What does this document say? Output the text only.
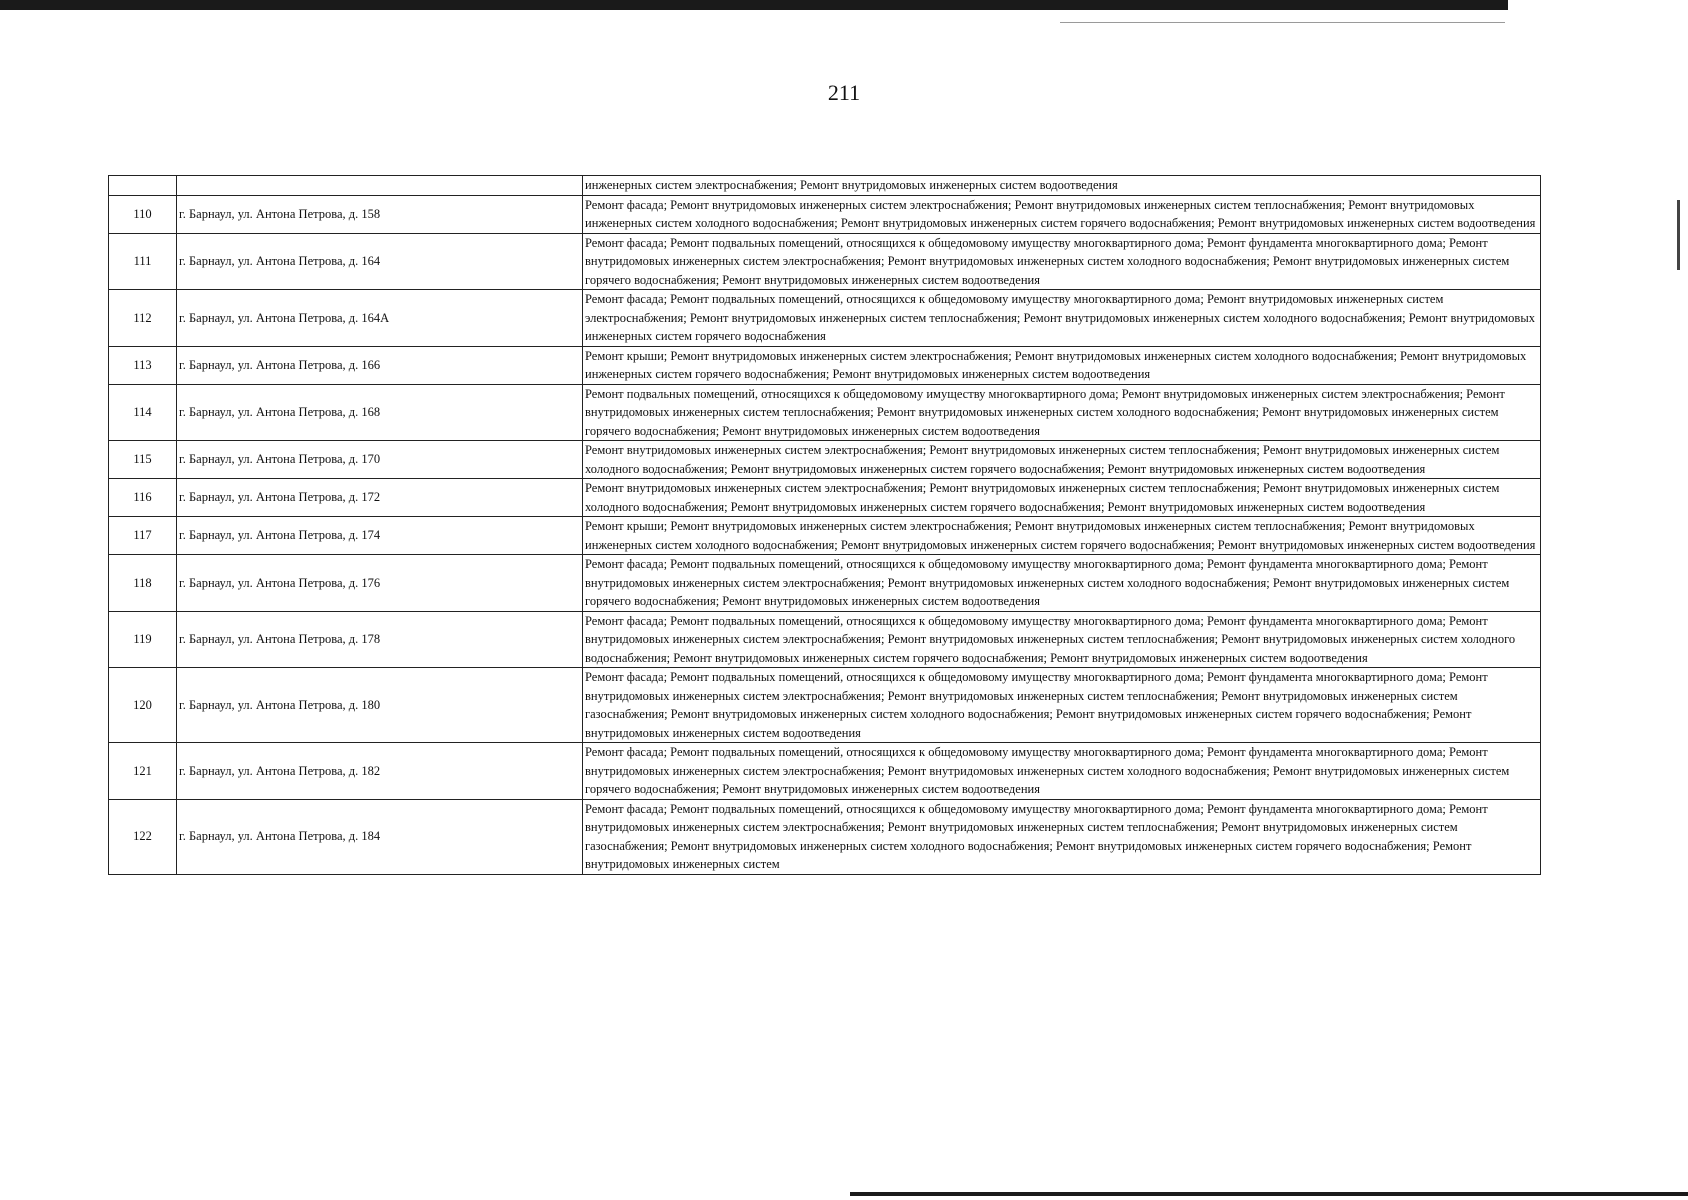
211
		инженерных систем электроснабжения; Ремонт внутридомовых инженерных систем водоотведения
110	г. Барнаул, ул. Антона Петрова, д. 158	Ремонт фасада; Ремонт внутридомовых инженерных систем электроснабжения; Ремонт внутридомовых инженерных систем теплоснабжения; Ремонт внутридомовых инженерных систем холодного водоснабжения; Ремонт внутридомовых инженерных систем горячего водоснабжения; Ремонт внутридомовых инженерных систем водоотведения
111	г. Барнаул, ул. Антона Петрова, д. 164	Ремонт фасада; Ремонт подвальных помещений, относящихся к общедомовому имуществу многоквартирного дома; Ремонт фундамента многоквартирного дома; Ремонт внутридомовых инженерных систем электроснабжения; Ремонт внутридомовых инженерных систем холодного водоснабжения; Ремонт внутридомовых инженерных систем горячего водоснабжения; Ремонт внутридомовых инженерных систем водоотведения
112	г. Барнаул, ул. Антона Петрова, д. 164А	Ремонт фасада; Ремонт подвальных помещений, относящихся к общедомовому имуществу многоквартирного дома; Ремонт внутридомовых инженерных систем электроснабжения; Ремонт внутридомовых инженерных систем теплоснабжения; Ремонт внутридомовых инженерных систем холодного водоснабжения; Ремонт внутридомовых инженерных систем горячего водоснабжения
113	г. Барнаул, ул. Антона Петрова, д. 166	Ремонт крыши; Ремонт внутридомовых инженерных систем электроснабжения; Ремонт внутридомовых инженерных систем холодного водоснабжения; Ремонт внутридомовых инженерных систем горячего водоснабжения; Ремонт внутридомовых инженерных систем водоотведения
114	г. Барнаул, ул. Антона Петрова, д. 168	Ремонт подвальных помещений, относящихся к общедомовому имуществу многоквартирного дома; Ремонт внутридомовых инженерных систем электроснабжения; Ремонт внутридомовых инженерных систем теплоснабжения; Ремонт внутридомовых инженерных систем холодного водоснабжения; Ремонт внутридомовых инженерных систем горячего водоснабжения; Ремонт внутридомовых инженерных систем водоотведения
115	г. Барнаул, ул. Антона Петрова, д. 170	Ремонт внутридомовых инженерных систем электроснабжения; Ремонт внутридомовых инженерных систем теплоснабжения; Ремонт внутридомовых инженерных систем холодного водоснабжения; Ремонт внутридомовых инженерных систем горячего водоснабжения; Ремонт внутридомовых инженерных систем водоотведения
116	г. Барнаул, ул. Антона Петрова, д. 172	Ремонт внутридомовых инженерных систем электроснабжения; Ремонт внутридомовых инженерных систем теплоснабжения; Ремонт внутридомовых инженерных систем холодного водоснабжения; Ремонт внутридомовых инженерных систем горячего водоснабжения; Ремонт внутридомовых инженерных систем водоотведения
117	г. Барнаул, ул. Антона Петрова, д. 174	Ремонт крыши; Ремонт внутридомовых инженерных систем электроснабжения; Ремонт внутридомовых инженерных систем теплоснабжения; Ремонт внутридомовых инженерных систем холодного водоснабжения; Ремонт внутридомовых инженерных систем горячего водоснабжения; Ремонт внутридомовых инженерных систем водоотведения
118	г. Барнаул, ул. Антона Петрова, д. 176	Ремонт фасада; Ремонт подвальных помещений, относящихся к общедомовому имуществу многоквартирного дома; Ремонт фундамента многоквартирного дома; Ремонт внутридомовых инженерных систем электроснабжения; Ремонт внутридомовых инженерных систем холодного водоснабжения; Ремонт внутридомовых инженерных систем горячего водоснабжения; Ремонт внутридомовых инженерных систем водоотведения
119	г. Барнаул, ул. Антона Петрова, д. 178	Ремонт фасада; Ремонт подвальных помещений, относящихся к общедомовому имуществу многоквартирного дома; Ремонт фундамента многоквартирного дома; Ремонт внутридомовых инженерных систем электроснабжения; Ремонт внутридомовых инженерных систем теплоснабжения; Ремонт внутридомовых инженерных систем холодного водоснабжения; Ремонт внутридомовых инженерных систем горячего водоснабжения; Ремонт внутридомовых инженерных систем водоотведения
120	г. Барнаул, ул. Антона Петрова, д. 180	Ремонт фасада; Ремонт подвальных помещений, относящихся к общедомовому имуществу многоквартирного дома; Ремонт фундамента многоквартирного дома; Ремонт внутридомовых инженерных систем электроснабжения; Ремонт внутридомовых инженерных систем теплоснабжения; Ремонт внутридомовых инженерных систем газоснабжения; Ремонт внутридомовых инженерных систем холодного водоснабжения; Ремонт внутридомовых инженерных систем горячего водоснабжения; Ремонт внутридомовых инженерных систем водоотведения
121	г. Барнаул, ул. Антона Петрова, д. 182	Ремонт фасада; Ремонт подвальных помещений, относящихся к общедомовому имуществу многоквартирного дома; Ремонт фундамента многоквартирного дома; Ремонт внутридомовых инженерных систем электроснабжения; Ремонт внутридомовых инженерных систем холодного водоснабжения; Ремонт внутридомовых инженерных систем горячего водоснабжения; Ремонт внутридомовых инженерных систем водоотведения
122	г. Барнаул, ул. Антона Петрова, д. 184	Ремонт фасада; Ремонт подвальных помещений, относящихся к общедомовому имуществу многоквартирного дома; Ремонт фундамента многоквартирного дома; Ремонт внутридомовых инженерных систем электроснабжения; Ремонт внутридомовых инженерных систем теплоснабжения; Ремонт внутридомовых инженерных систем газоснабжения; Ремонт внутридомовых инженерных систем холодного водоснабжения; Ремонт внутридомовых инженерных систем горячего водоснабжения; Ремонт внутридомовых инженерных систем
